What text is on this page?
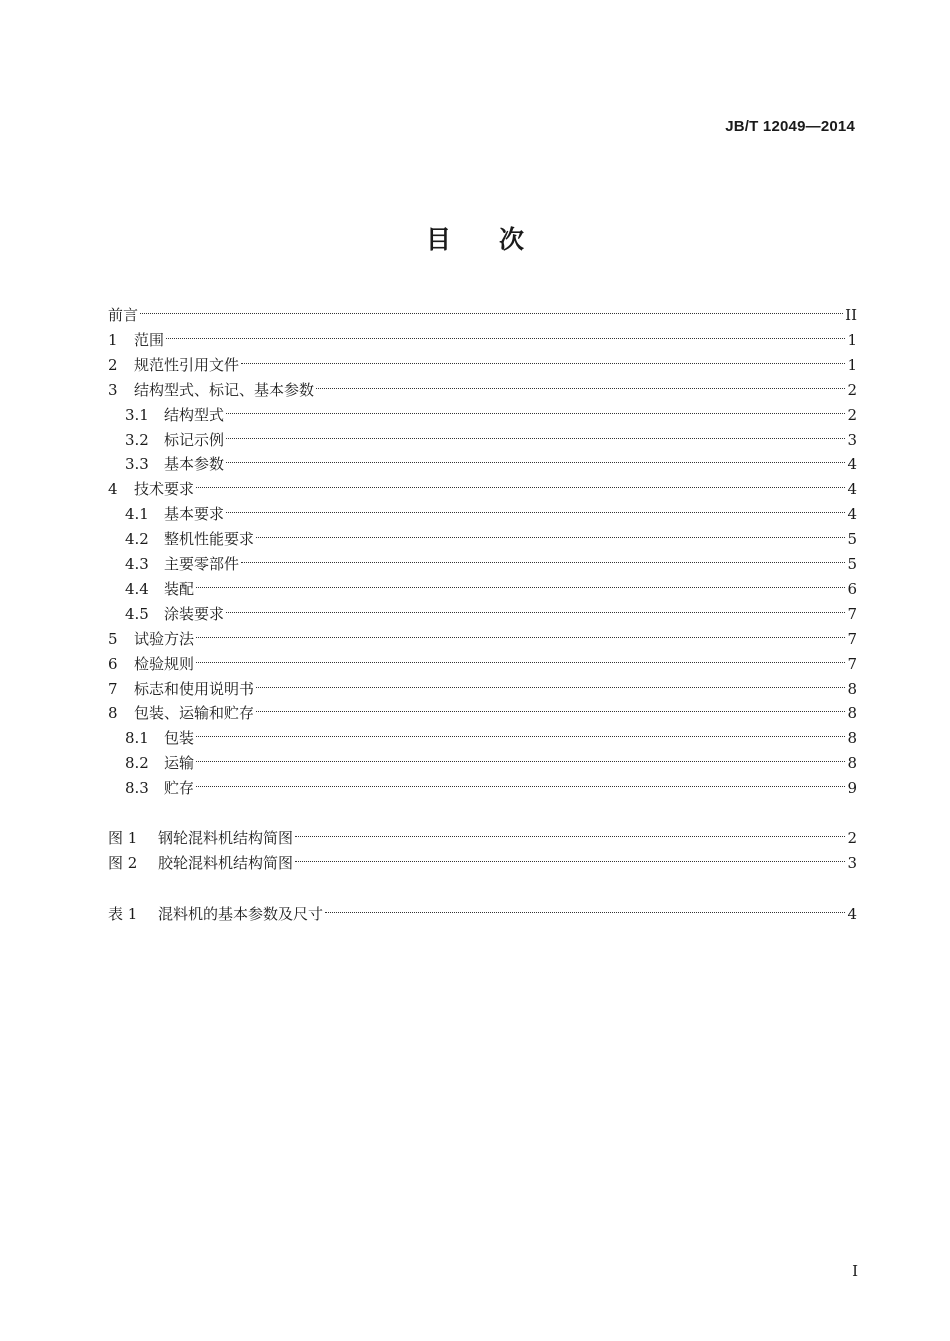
JB/T 12049—2014
目次
前言	II
1	范围	1
2	规范性引用文件	1
3	结构型式、标记、基本参数	2
3.1	结构型式	2
3.2	标记示例	3
3.3	基本参数	4
4	技术要求	4
4.1	基本要求	4
4.2	整机性能要求	5
4.3	主要零部件	5
4.4	装配	6
4.5	涂装要求	7
5	试验方法	7
6	检验规则	7
7	标志和使用说明书	8
8	包装、运输和贮存	8
8.1	包装	8
8.2	运输	8
8.3	贮存	9
图 1	钢轮混料机结构简图	2
图 2	胶轮混料机结构简图	3
表 1	混料机的基本参数及尺寸	4
I
